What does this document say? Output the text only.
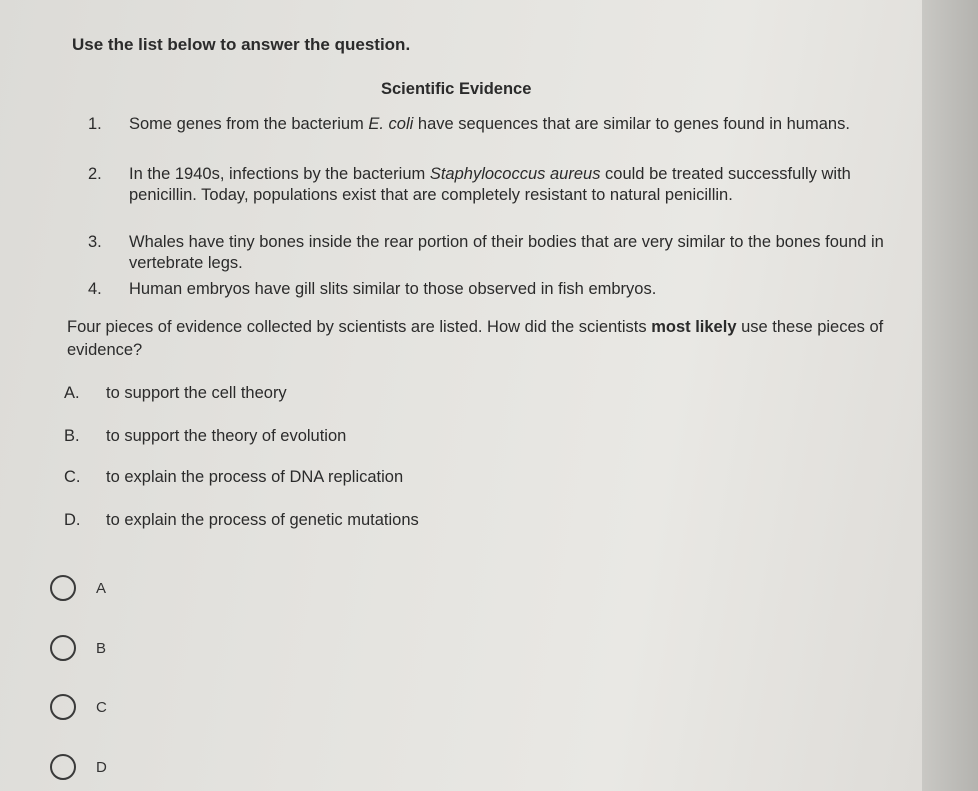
Use the list below to answer the question.
Scientific Evidence
1. Some genes from the bacterium E. coli have sequences that are similar to genes found in humans.
2. In the 1940s, infections by the bacterium Staphylococcus aureus could be treated successfully with penicillin. Today, populations exist that are completely resistant to natural penicillin.
3. Whales have tiny bones inside the rear portion of their bodies that are very similar to the bones found in vertebrate legs.
4. Human embryos have gill slits similar to those observed in fish embryos.
Four pieces of evidence collected by scientists are listed. How did the scientists most likely use these pieces of evidence?
A. to support the cell theory
B. to support the theory of evolution
C. to explain the process of DNA replication
D. to explain the process of genetic mutations
A
B
C
D
